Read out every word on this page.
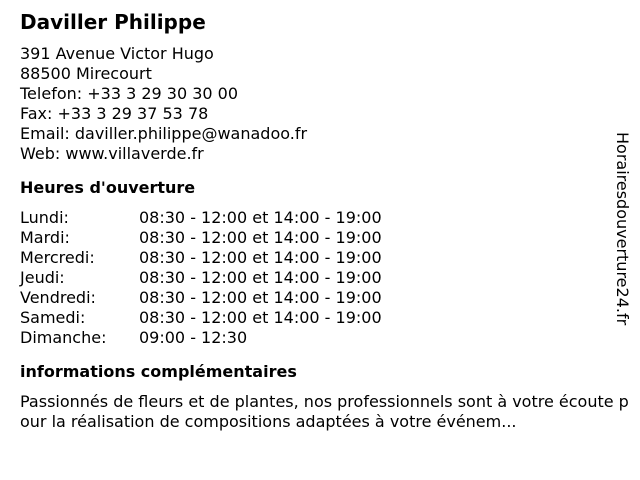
Daviller Philippe
391 Avenue Victor Hugo
88500 Mirecourt
Telefon: +33 3 29 30 30 00
Fax: +33 3 29 37 53 78
Email: daviller.philippe@wanadoo.fr
Web: www.villaverde.fr
Heures d'ouverture
Lundi:	08:30 - 12:00 et 14:00 - 19:00
Mardi:	08:30 - 12:00 et 14:00 - 19:00
Mercredi:	08:30 - 12:00 et 14:00 - 19:00
Jeudi:	08:30 - 12:00 et 14:00 - 19:00
Vendredi:	08:30 - 12:00 et 14:00 - 19:00
Samedi:	08:30 - 12:00 et 14:00 - 19:00
Dimanche:	09:00 - 12:30
informations complémentaires
Passionnés de fleurs et de plantes, nos professionnels sont à votre écoute pour la réalisation de compositions adaptées à votre événem...
Horairesdouverture24.fr
